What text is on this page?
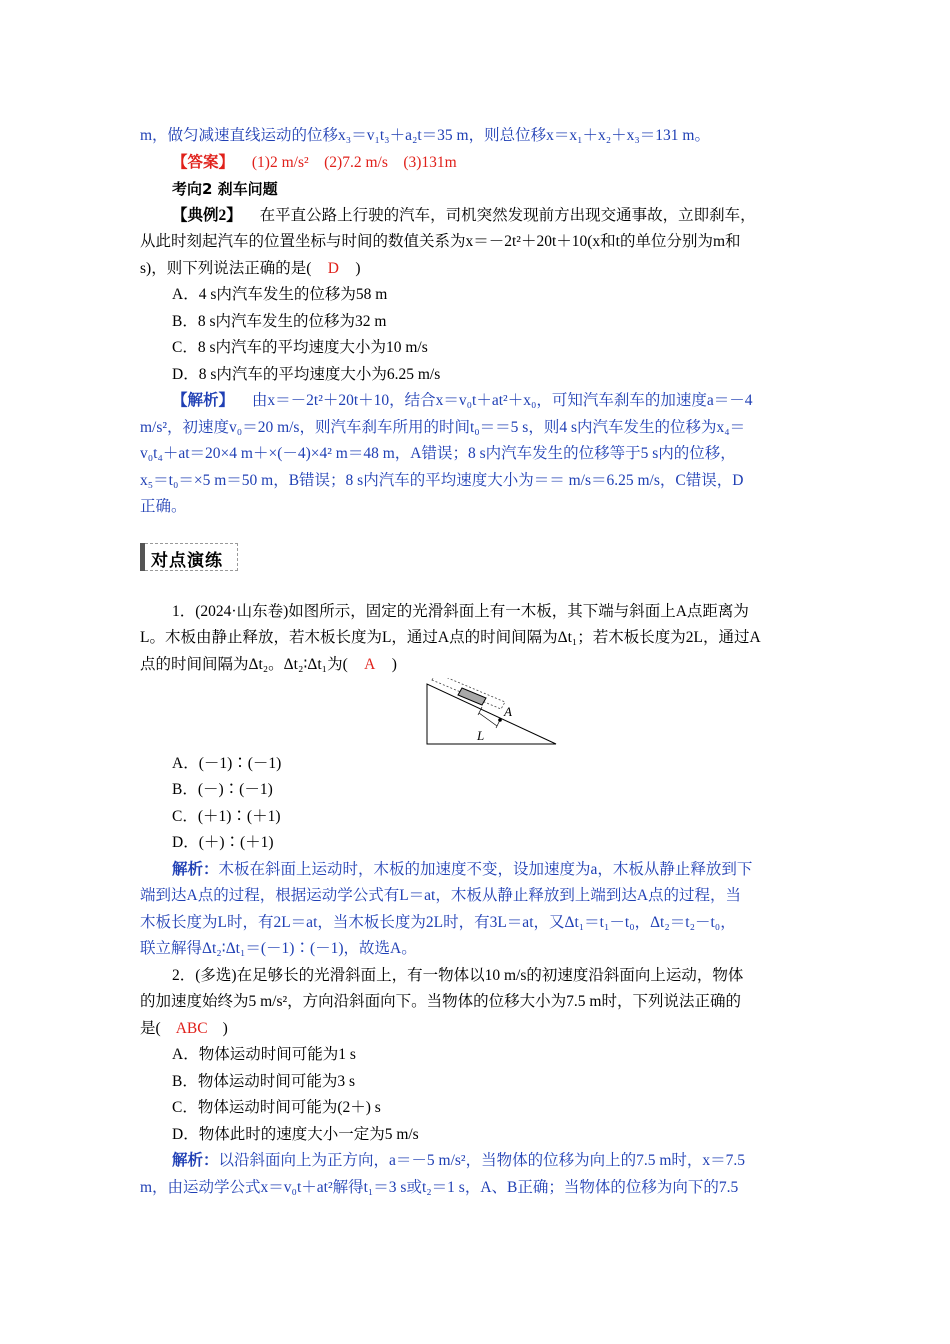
m，做匀减速直线运动的位移x₃＝v₁t₃＋a₂t＝35 m，则总位移x＝x₁＋x₂＋x₃＝131 m。
【答案】 (1)2 m/s²　(2)7.2 m/s　(3)131m
考向2 刹车问题
【典例2】 在平直公路上行驶的汽车，司机突然发现前方出现交通事故，立即刹车，
从此时刻起汽车的位置坐标与时间的数值关系为x＝－2t²＋20t＋10(x和t的单位分别为m和
s)，则下列说法正确的是( D )
A．4 s内汽车发生的位移为58 m
B．8 s内汽车发生的位移为32 m
C．8 s内汽车的平均速度大小为10 m/s
D．8 s内汽车的平均速度大小为6.25 m/s
【解析】 由x＝－2t²＋20t＋10，结合x＝v₀t＋at²＋x₀，可知汽车刹车的加速度a＝－4
m/s²，初速度v₀＝20 m/s，则汽车刹车所用的时间t₀＝＝5 s，则4 s内汽车发生的位移为x₄＝
v₀t₄＋at＝20×4 m＋×(－4)×4² m＝48 m，A错误；8 s内汽车发生的位移等于5 s内的位移，
x₅＝t₀＝×5 m＝50 m，B错误；8 s内汽车的平均速度大小为＝＝ m/s＝6.25 m/s，C错误，D
正确。
对点演练
1．(2024·山东卷)如图所示，固定的光滑斜面上有一木板，其下端与斜面上A点距离为
L。木板由静止释放，若木板长度为L，通过A点的时间间隔为Δt₁；若木板长度为2L，通过A
点的时间间隔为Δt₂。Δt₂∶Δt₁为( A )
A
L
A．(－1)∶(－1)
B．(－)∶(－1)
C．(＋1)∶(＋1)
D．(＋)∶(＋1)
解析：木板在斜面上运动时，木板的加速度不变，设加速度为a，木板从静止释放到下
端到达A点的过程，根据运动学公式有L＝at，木板从静止释放到上端到达A点的过程，当
木板长度为L时，有2L＝at，当木板长度为2L时，有3L＝at，又Δt₁＝t₁－t₀，Δt₂＝t₂－t₀，
联立解得Δt₂∶Δt₁＝(－1)∶(－1)，故选A。
2．(多选)在足够长的光滑斜面上，有一物体以10 m/s的初速度沿斜面向上运动，物体
的加速度始终为5 m/s²，方向沿斜面向下。当物体的位移大小为7.5 m时，下列说法正确的
是( ABC )
A．物体运动时间可能为1 s
B．物体运动时间可能为3 s
C．物体运动时间可能为(2＋) s
D．物体此时的速度大小一定为5 m/s
解析：以沿斜面向上为正方向，a＝－5 m/s²，当物体的位移为向上的7.5 m时，x＝7.5
m，由运动学公式x＝v₀t＋at²解得t₁＝3 s或t₂＝1 s，A、B正确；当物体的位移为向下的7.5
